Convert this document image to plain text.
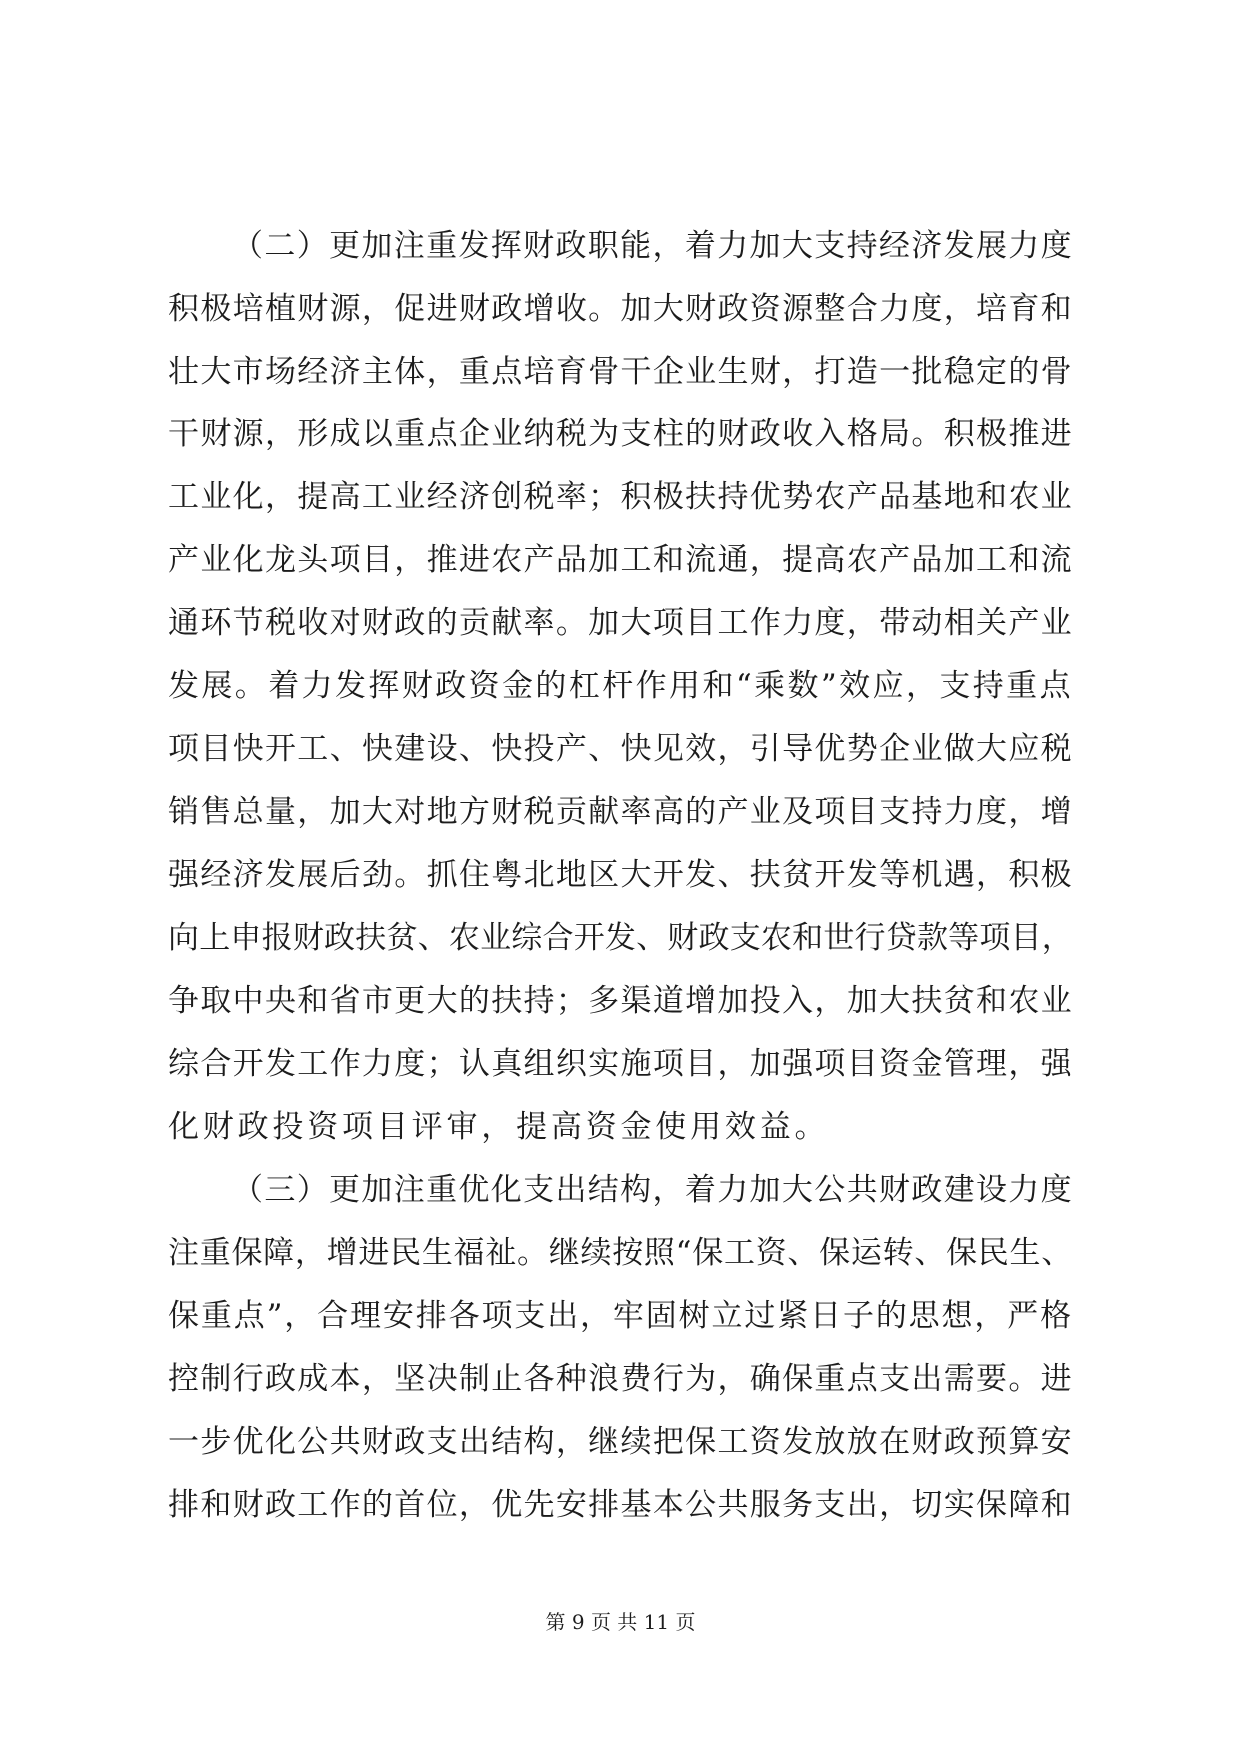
（二）更加注重发挥财政职能，着力加大支持经济发展力度
积极培植财源，促进财政增收。加大财政资源整合力度，培育和
壮大市场经济主体，重点培育骨干企业生财，打造一批稳定的骨
干财源，形成以重点企业纳税为支柱的财政收入格局。积极推进
工业化，提高工业经济创税率；积极扶持优势农产品基地和农业
产业化龙头项目，推进农产品加工和流通，提高农产品加工和流
通环节税收对财政的贡献率。加大项目工作力度，带动相关产业
发展。着力发挥财政资金的杠杆作用和“乘数”效应，支持重点
项目快开工、快建设、快投产、快见效，引导优势企业做大应税
销售总量，加大对地方财税贡献率高的产业及项目支持力度，增
强经济发展后劲。抓住粤北地区大开发、扶贫开发等机遇，积极
向上申报财政扶贫、农业综合开发、财政支农和世行贷款等项目，
争取中央和省市更大的扶持；多渠道增加投入，加大扶贫和农业
综合开发工作力度；认真组织实施项目，加强项目资金管理，强
化财政投资项目评审，提高资金使用效益。
（三）更加注重优化支出结构，着力加大公共财政建设力度
注重保障，增进民生福祉。继续按照“保工资、保运转、保民生、
保重点”，合理安排各项支出，牢固树立过紧日子的思想，严格
控制行政成本，坚决制止各种浪费行为，确保重点支出需要。进
一步优化公共财政支出结构，继续把保工资发放放在财政预算安
排和财政工作的首位，优先安排基本公共服务支出，切实保障和
第 9 页 共 11 页
